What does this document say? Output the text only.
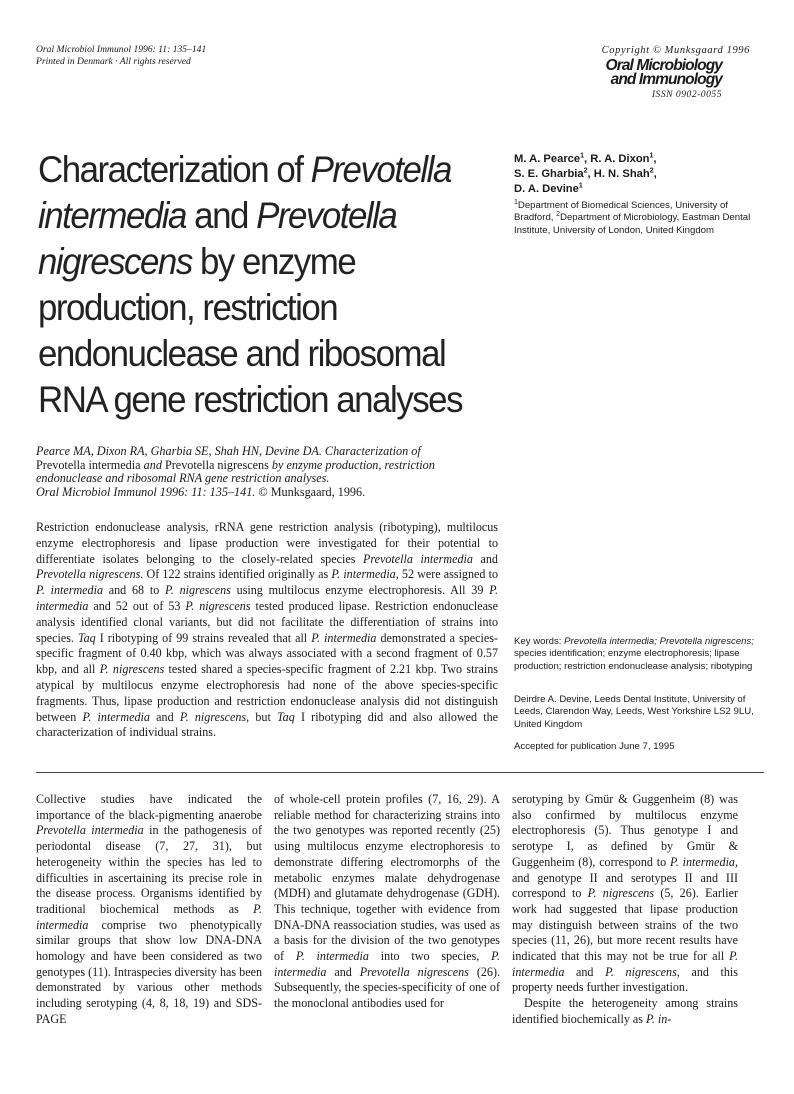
Oral Microbiol Immunol 1996: 11: 135–141
Printed in Denmark · All rights reserved
Copyright © Munksgaard 1996
Oral Microbiology
and Immunology
ISSN 0902-0055
Characterization of Prevotella intermedia and Prevotella nigrescens by enzyme production, restriction endonuclease and ribosomal RNA gene restriction analyses
M. A. Pearce$^1$, R. A. Dixon$^1$,
S. E. Gharbia$^2$, H. N. Shah$^2$,
D. A. Devine$^1$
$^1$Department of Biomedical Sciences, University of Bradford, $^2$Department of Microbiology, Eastman Dental Institute, University of London, United Kingdom
Pearce MA, Dixon RA, Gharbia SE, Shah HN, Devine DA. Characterization of
Prevotella intermedia and Prevotella nigrescens by enzyme production, restriction endonuclease and ribosomal RNA gene restriction analyses.
Oral Microbiol Immunol 1996: 11: 135–141. © Munksgaard, 1996.
Restriction endonuclease analysis, rRNA gene restriction analysis (ribotyping), multilocus enzyme electrophoresis and lipase production were investigated for their potential to differentiate isolates belonging to the closely-related species Prevotella intermedia and Prevotella nigrescens. Of 122 strains identified originally as P. intermedia, 52 were assigned to P. intermedia and 68 to P. nigrescens using multilocus enzyme electrophoresis. All 39 P. intermedia and 52 out of 53 P. nigrescens tested produced lipase. Restriction endonuclease analysis identified clonal variants, but did not facilitate the differentiation of strains into species. Taq I ribotyping of 99 strains revealed that all P. intermedia demonstrated a species-specific fragment of 0.40 kbp, which was always associated with a second fragment of 0.57 kbp, and all P. nigrescens tested shared a species-specific fragment of 2.21 kbp. Two strains atypical by multilocus enzyme electrophoresis had none of the above species-specific fragments. Thus, lipase production and restriction endonuclease analysis did not distinguish between P. intermedia and P. nigrescens, but Taq I ribotyping did and also allowed the characterization of individual strains.
Key words: Prevotella intermedia; Prevotella nigrescens; species identification; enzyme electrophoresis; lipase production; restriction endonuclease analysis; ribotyping
Deirdre A. Devine, Leeds Dental Institute, University of Leeds, Clarendon Way, Leeds, West Yorkshire LS2 9LU, United Kingdom
Accepted for publication June 7, 1995
Collective studies have indicated the importance of the black-pigmenting anaerobe Prevotella intermedia in the pathogenesis of periodontal disease (7, 27, 31), but heterogeneity within the species has led to difficulties in ascertaining its precise role in the disease process. Organisms identified by traditional biochemical methods as P. intermedia comprise two phenotypically similar groups that show low DNA-DNA homology and have been considered as two genotypes (11). Intraspecies diversity has been demonstrated by various other methods including serotyping (4, 8, 18, 19) and SDS-PAGE
of whole-cell protein profiles (7, 16, 29). A reliable method for characterizing strains into the two genotypes was reported recently (25) using multilocus enzyme electrophoresis to demonstrate differing electromorphs of the metabolic enzymes malate dehydrogenase (MDH) and glutamate dehydrogenase (GDH). This technique, together with evidence from DNA-DNA reassociation studies, was used as a basis for the division of the two genotypes of P. intermedia into two species, P. intermedia and Prevotella nigrescens (26). Subsequently, the species-specificity of one of the monoclonal antibodies used for
serotyping by Gmür & Guggenheim (8) was also confirmed by multilocus enzyme electrophoresis (5). Thus genotype I and serotype I, as defined by Gmür & Guggenheim (8), correspond to P. intermedia, and genotype II and serotypes II and III correspond to P. nigrescens (5, 26). Earlier work had suggested that lipase production may distinguish between strains of the two species (11, 26), but more recent results have indicated that this may not be true for all P. intermedia and P. nigrescens, and this property needs further investigation.
Despite the heterogeneity among strains identified biochemically as P. in-
